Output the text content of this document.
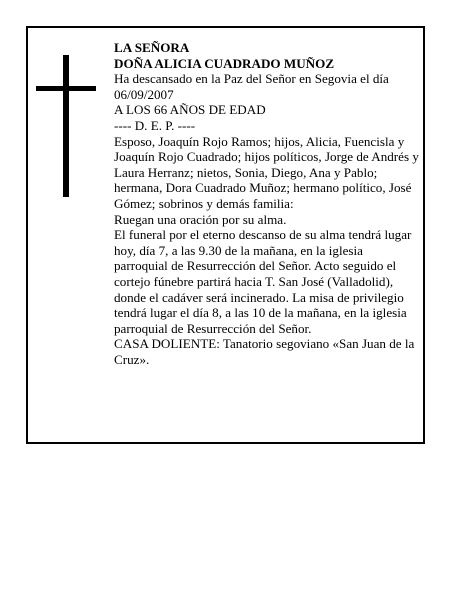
LA SEÑORA

DOÑA ALICIA CUADRADO MUÑOZ

Ha descansado en la Paz del Señor en Segovia el día 06/09/2007

A LOS 66 AÑOS DE EDAD

---- D. E. P. ----

Esposo, Joaquín Rojo Ramos; hijos, Alicia, Fuencisla y Joaquín Rojo Cuadrado; hijos políticos, Jorge de Andrés y Laura Herranz; nietos, Sonia, Diego, Ana y Pablo; hermana, Dora Cuadrado Muñoz; hermano político, José Gómez; sobrinos y demás familia:

Ruegan una oración por su alma.

El funeral por el eterno descanso de su alma tendrá lugar hoy, día 7, a las 9.30 de la mañana, en la iglesia parroquial de Resurrección del Señor. Acto seguido el cortejo fúnebre partirá hacia T. San José (Valladolid), donde el cadáver será incinerado. La misa de privilegio tendrá lugar el día 8, a las 10 de la mañana, en la iglesia parroquial de Resurrección del Señor.

CASA DOLIENTE: Tanatorio segoviano «San Juan de la Cruz».
